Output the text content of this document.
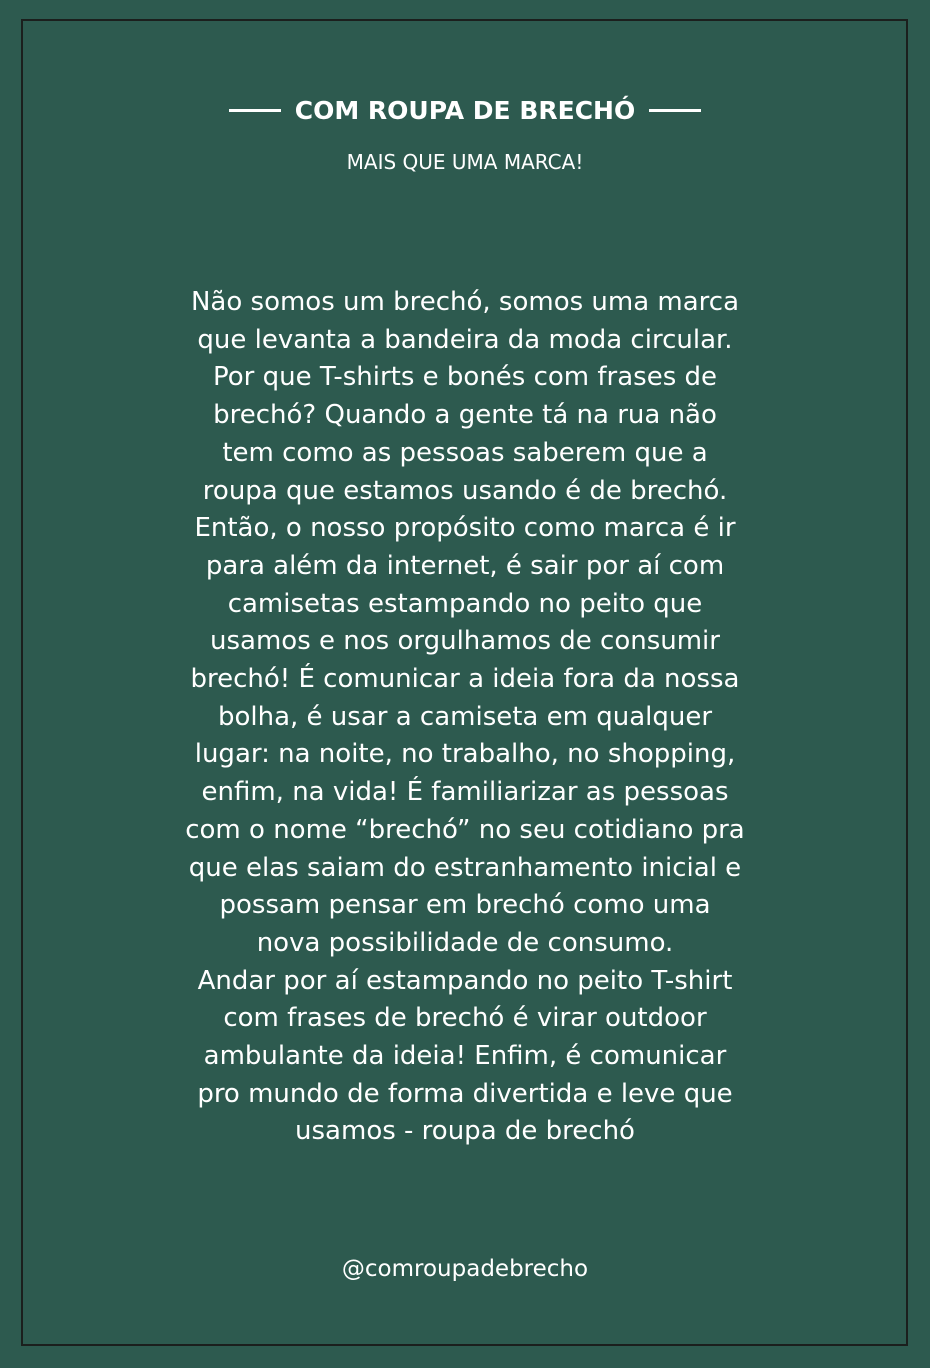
COM ROUPA DE BRECHÓ
MAIS QUE UMA MARCA!

Não somos um brechó, somos uma marca
que levanta a bandeira da moda circular.
Por que T-shirts e bonés com frases de
brechó? Quando a gente tá na rua não
tem como as pessoas saberem que a
roupa que estamos usando é de brechó.
Então, o nosso propósito como marca é ir
para além da internet, é sair por aí com
camisetas estampando no peito que
usamos e nos orgulhamos de consumir
brechó! É comunicar a ideia fora da nossa
bolha, é usar a camiseta em qualquer
lugar: na noite, no trabalho, no shopping,
enfim, na vida! É familiarizar as pessoas
com o nome “brechó” no seu cotidiano pra
que elas saiam do estranhamento inicial e
possam pensar em brechó como uma
nova possibilidade de consumo.
Andar por aí estampando no peito T-shirt
com frases de brechó é virar outdoor
ambulante da ideia! Enfim, é comunicar
pro mundo de forma divertida e leve que
usamos - roupa de brechó

@comroupadebrecho
